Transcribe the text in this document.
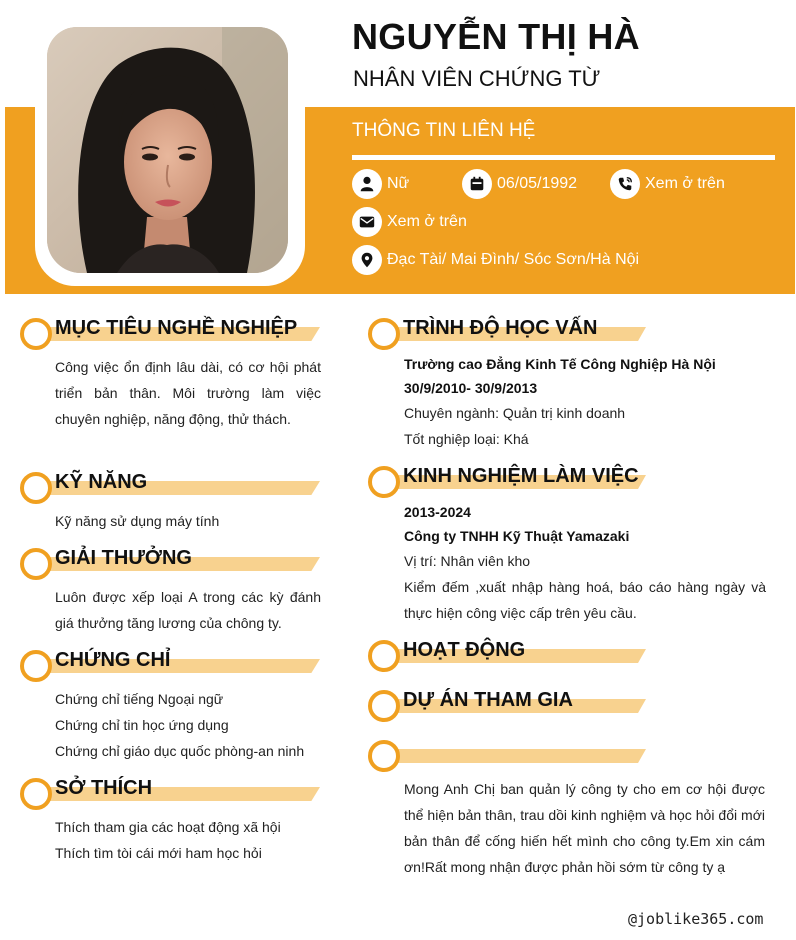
NGUYỄN THỊ HÀ
NHÂN VIÊN CHỨNG TỪ
THÔNG TIN LIÊN HỆ
Nữ	06/05/1992	Xem ở trên
Xem ở trên
Đạc Tài/ Mai Đình/ Sóc Sơn/Hà Nội
MỤC TIÊU NGHỀ NGHIỆP
Công việc ổn định lâu dài, có cơ hội phát triển bản thân. Môi trường làm việc chuyên nghiệp, năng động, thử thách.
KỸ NĂNG
Kỹ năng sử dụng máy tính
GIẢI THƯỞNG
Luôn được xếp loại A trong các kỳ đánh giá thưởng tăng lương của chông ty.
CHỨNG CHỈ
Chứng chỉ tiếng Ngoại ngữ
Chứng chỉ tin học ứng dụng
Chứng chỉ giáo dục quốc phòng-an ninh
SỞ THÍCH
Thích tham gia các hoạt động xã hội
Thích tìm tòi cái mới ham học hỏi
TRÌNH ĐỘ HỌC VẤN
Trường cao Đẳng Kinh Tế Công Nghiệp Hà Nội
30/9/2010- 30/9/2013
Chuyên ngành: Quản trị kinh doanh
Tốt nghiệp loại: Khá
KINH NGHIỆM LÀM VIỆC
2013-2024
Công ty TNHH Kỹ Thuật Yamazaki
Vị trí: Nhân viên kho
Kiểm đếm ,xuất nhập hàng hoá, báo cáo hàng ngày và thực hiện công việc cấp trên yêu cầu.
HOẠT ĐỘNG
DỰ ÁN THAM GIA
Mong Anh Chị ban quản lý công ty cho em cơ hội được thể hiện bản thân, trau dồi kinh nghiệm và học hỏi đổi mới bản thân để cống hiến hết mình cho công ty.Em xin cám ơn!Rất mong nhận được phản hồi sớm từ công ty ạ
@joblike365.com
